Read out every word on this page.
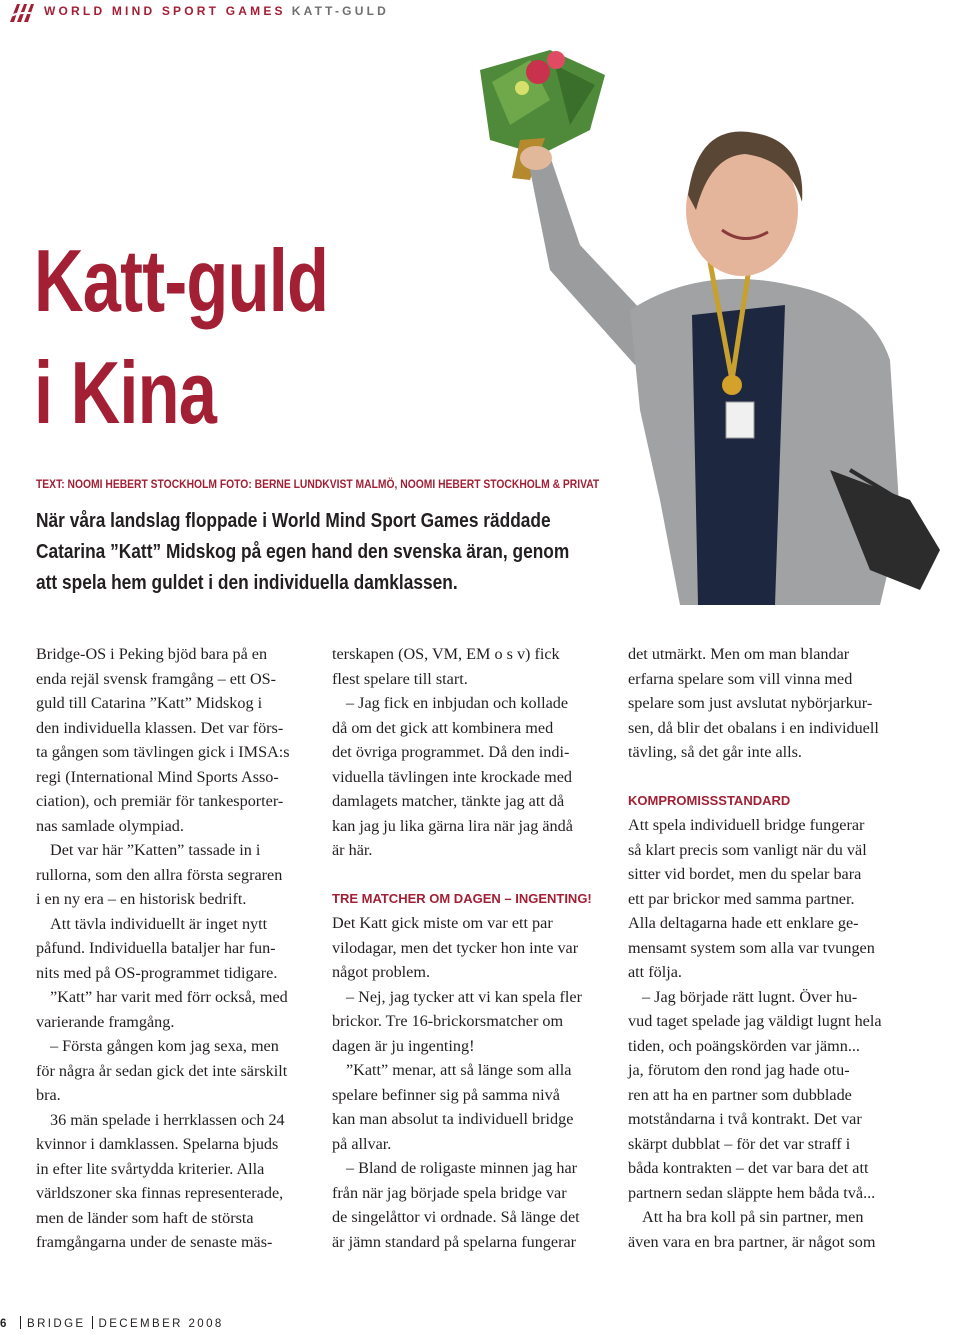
WORLD MIND SPORT GAMES KATT-GULD
Katt-guld
i Kina
TEXT: NOOMI HEBERT STOCKHOLM FOTO: BERNE LUNDKVIST MALMÖ, NOOMI HEBERT STOCKHOLM & PRIVAT
När våra landslag floppade i World Mind Sport Games räddade
Catarina ”Katt” Midskog på egen hand den svenska äran, genom
att spela hem guldet i den individuella damklassen.

Bridge-OS i Peking bjöd bara på en

enda rejäl svensk framgång – ett OS-

guld till Catarina ”Katt” Midskog i

den individuella klassen. Det var förs-

ta gången som tävlingen gick i IMSA:s

regi (International Mind Sports Asso-

ciation), och premiär för tankesporter-

nas samlade olympiad.

Det var här ”Katten” tassade in i

rullorna, som den allra första segraren

i en ny era – en historisk bedrift.

Att tävla individuellt är inget nytt

påfund. Individuella bataljer har fun-

nits med på OS-programmet tidigare.

”Katt” har varit med förr också, med

varierande framgång.

– Första gången kom jag sexa, men

för några år sedan gick det inte särskilt

bra.

36 män spelade i herrklassen och 24

kvinnor i damklassen. Spelarna bjuds

in efter lite svårtydda kriterier. Alla

världszoner ska finnas representerade,

men de länder som haft de största

framgångarna under de senaste mäs-

terskapen (OS, VM, EM o s v) fick

flest spelare till start.

– Jag fick en inbjudan och kollade

då om det gick att kombinera med

det övriga programmet. Då den indi-

viduella tävlingen inte krockade med

damlagets matcher, tänkte jag att då

kan jag ju lika gärna lira när jag ändå

är här.

TRE MATCHER OM DAGEN – INGENTING!

Det Katt gick miste om var ett par

vilodagar, men det tycker hon inte var

något problem.

– Nej, jag tycker att vi kan spela fler

brickor. Tre 16-brickorsmatcher om

dagen är ju ingenting!

”Katt” menar, att så länge som alla

spelare befinner sig på samma nivå

kan man absolut ta individuell bridge

på allvar.

– Bland de roligaste minnen jag har

från när jag började spela bridge var

de singelåttor vi ordnade. Så länge det

är jämn standard på spelarna fungerar

det utmärkt. Men om man blandar

erfarna spelare som vill vinna med

spelare som just avslutat nybörjarkur-

sen, då blir det obalans i en individuell

tävling, så det går inte alls.

KOMPROMISSSTANDARD

Att spela individuell bridge fungerar

så klart precis som vanligt när du väl

sitter vid bordet, men du spelar bara

ett par brickor med samma partner.

Alla deltagarna hade ett enklare ge-

mensamt system som alla var tvungen

att följa.

– Jag började rätt lugnt. Över hu-

vud taget spelade jag väldigt lugnt hela

tiden, och poängskörden var jämn...

ja, förutom den rond jag hade otu-

ren att ha en partner som dubblade

motståndarna i två kontrakt. Det var

skärpt dubblat – för det var straff i

båda kontrakten – det var bara det att

partnern sedan släppte hem båda två...

Att ha bra koll på sin partner, men

även vara en bra partner, är något som

6 BRIDGE DECEMBER 2008
